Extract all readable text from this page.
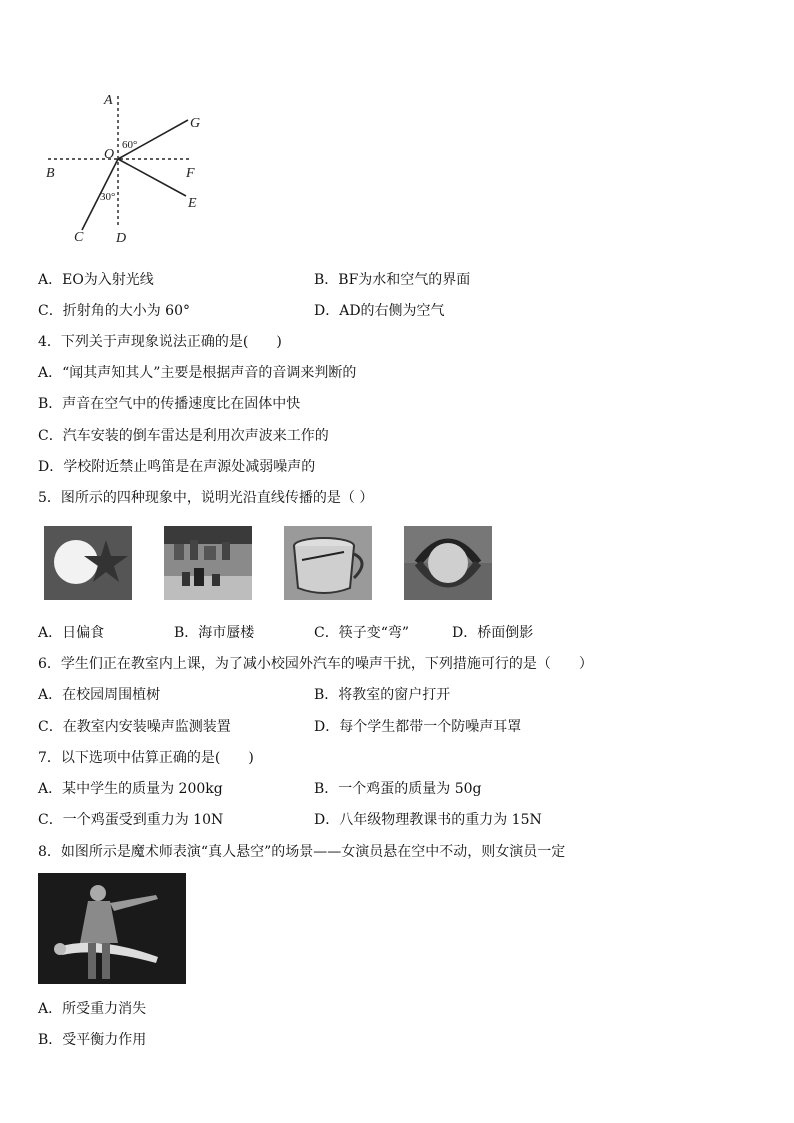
A
G
O
B	F
E
C D
60°
30°
A．EO为入射光线	B．BF为水和空气的界面
C．折射角的大小为 60°	D．AD的右侧为空气
4．下列关于声现象说法正确的是(　　)
A．“闻其声知其人”主要是根据声音的音调来判断的
B．声音在空气中的传播速度比在固体中快
C．汽车安装的倒车雷达是利用次声波来工作的
D．学校附近禁止鸣笛是在声源处减弱噪声的
5．图所示的四种现象中，说明光沿直线传播的是（ ）
A．日偏食	B．海市蜃楼	C．筷子变“弯”	D．桥面倒影
6．学生们正在教室内上课，为了减小校园外汽车的噪声干扰，下列措施可行的是（　　）
A．在校园周围植树	B．将教室的窗户打开
C．在教室内安装噪声监测装置	D．每个学生都带一个防噪声耳罩
7．以下选项中估算正确的是(　　)
A．某中学生的质量为 200kg	B．一个鸡蛋的质量为 50g
C．一个鸡蛋受到重力为 10N	D．八年级物理教课书的重力为 15N
8．如图所示是魔术师表演“真人悬空”的场景——女演员悬在空中不动，则女演员一定
A．所受重力消失
B．受平衡力作用
